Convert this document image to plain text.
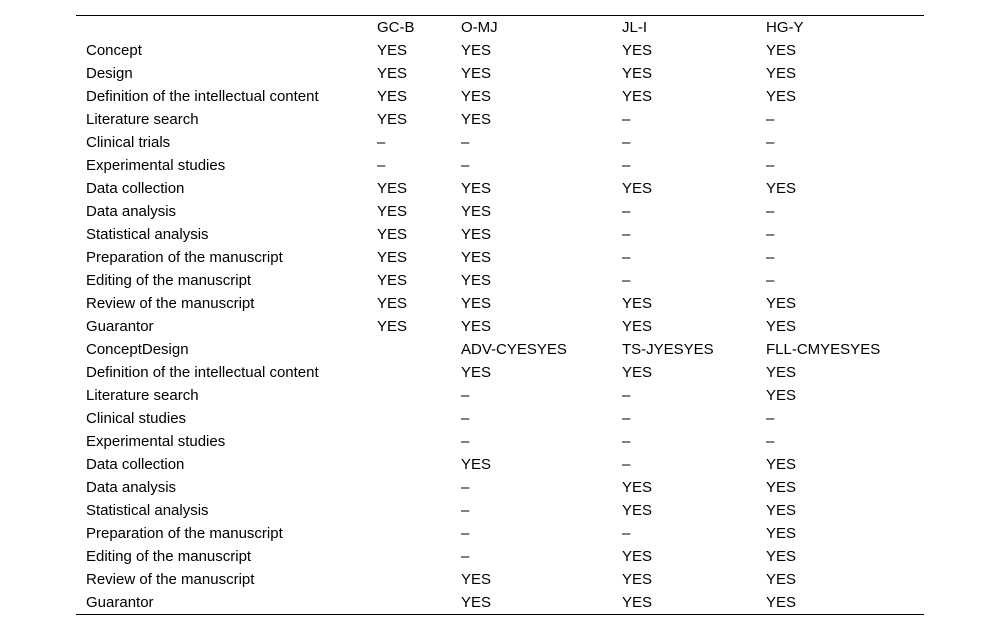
	GC-B	O-MJ	JL-I	HG-Y
Concept	YES	YES	YES	YES
Design	YES	YES	YES	YES
Definition of the intellectual content	YES	YES	YES	YES
Literature search	YES	YES	–	–
Clinical trials	–	–	–	–
Experimental studies	–	–	–	–
Data collection	YES	YES	YES	YES
Data analysis	YES	YES	–	–
Statistical analysis	YES	YES	–	–
Preparation of the manuscript	YES	YES	–	–
Editing of the manuscript	YES	YES	–	–
Review of the manuscript	YES	YES	YES	YES
Guarantor	YES	YES	YES	YES
ConceptDesign		ADV-CYESYES	TS-JYESYES	FLL-CMYESYES
Definition of the intellectual content		YES	YES	YES
Literature search		–	–	YES
Clinical studies		–	–	–
Experimental studies		–	–	–
Data collection		YES	–	YES
Data analysis		–	YES	YES
Statistical analysis		–	YES	YES
Preparation of the manuscript		–	–	YES
Editing of the manuscript		–	YES	YES
Review of the manuscript		YES	YES	YES
Guarantor		YES	YES	YES
